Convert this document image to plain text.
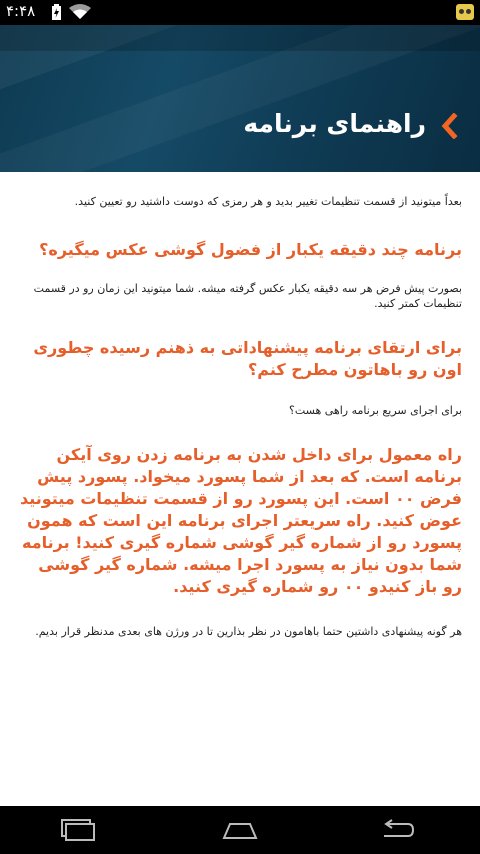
۴:۴۸
راهنمای برنامه

بعداً میتونید از قسمت تنظیمات تغییر بدید و هر رمزی که دوست داشتید رو تعیین کنید.

برنامه چند دقیقه یکبار از فضول گوشی عکس میگیره؟

بصورت پیش فرض هر سه دقیقه یکبار عکس گرفته میشه. شما میتونید این زمان رو در قسمت تنظیمات کمتر کنید.

برای ارتقای برنامه پیشنهاداتی به ذهنم رسیده چطوری اون رو باهاتون مطرح کنم؟

برای اجرای سریع برنامه راهی هست؟

راه معمول برای داخل شدن به برنامه زدن روی آیکن برنامه است. که بعد از شما پسورد میخواد. پسورد پیش فرض ۰۰ است. این پسورد رو از قسمت تنظیمات میتونید عوض کنید. راه سریعتر اجرای برنامه این است که همون پسورد رو از شماره گیر گوشی شماره گیری کنید! برنامه شما بدون نیاز به پسورد اجرا میشه. شماره گیر گوشی رو باز کنیدو ۰۰ رو شماره گیری کنید.

هر گونه پیشنهادی داشتین حتما باهامون در نظر بذارین تا در ورژن های بعدی مدنظر قرار بدیم.
